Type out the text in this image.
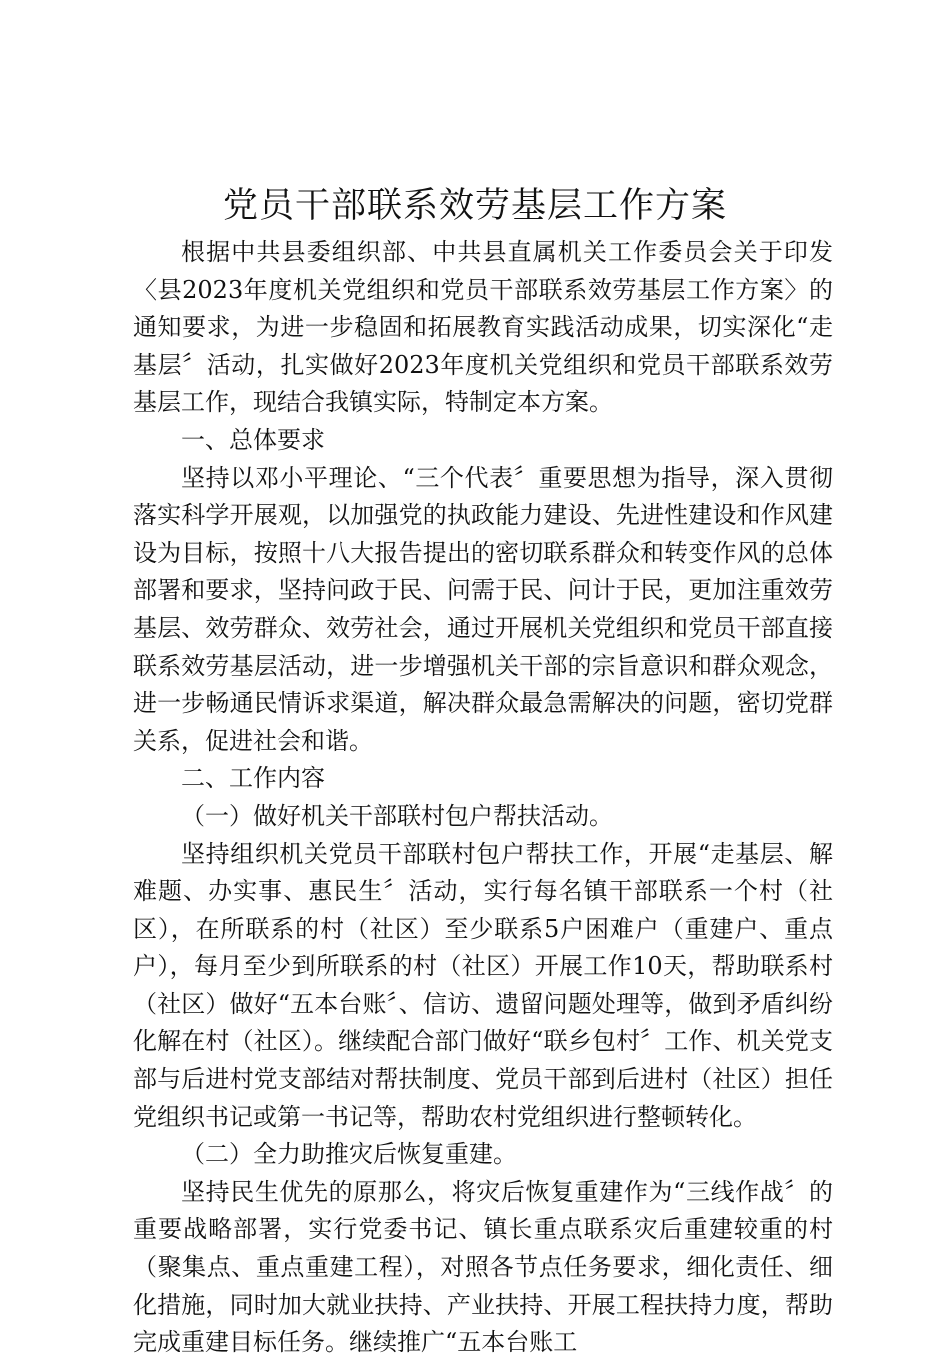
党员干部联系效劳基层工作方案

根据中共县委组织部、中共县直属机关工作委员会关于印发〈县2023年度机关党组织和党员干部联系效劳基层工作方案〉的通知要求，为进一步稳固和拓展教育实践活动成果，切实深化“走基层〞活动，扎实做好2023年度机关党组织和党员干部联系效劳基层工作，现结合我镇实际，特制定本方案。

一、总体要求

坚持以邓小平理论、“三个代表〞重要思想为指导，深入贯彻落实科学开展观，以加强党的执政能力建设、先进性建设和作风建设为目标，按照十八大报告提出的密切联系群众和转变作风的总体部署和要求，坚持问政于民、问需于民、问计于民，更加注重效劳基层、效劳群众、效劳社会，通过开展机关党组织和党员干部直接联系效劳基层活动，进一步增强机关干部的宗旨意识和群众观念，进一步畅通民情诉求渠道，解决群众最急需解决的问题，密切党群关系，促进社会和谐。

二、工作内容

（一）做好机关干部联村包户帮扶活动。

坚持组织机关党员干部联村包户帮扶工作，开展“走基层、解难题、办实事、惠民生〞活动，实行每名镇干部联系一个村（社区），在所联系的村（社区）至少联系5户困难户（重建户、重点户），每月至少到所联系的村（社区）开展工作10天，帮助联系村（社区）做好“五本台账〞、信访、遗留问题处理等，做到矛盾纠纷化解在村（社区）。继续配合部门做好“联乡包村〞工作、机关党支部与后进村党支部结对帮扶制度、党员干部到后进村（社区）担任党组织书记或第一书记等，帮助农村党组织进行整顿转化。

（二）全力助推灾后恢复重建。

坚持民生优先的原那么，将灾后恢复重建作为“三线作战〞的重要战略部署，实行党委书记、镇长重点联系灾后重建较重的村（聚集点、重点重建工程），对照各节点任务要求，细化责任、细化措施，同时加大就业扶持、产业扶持、开展工程扶持力度，帮助完成重建目标任务。继续推广“五本台账工
